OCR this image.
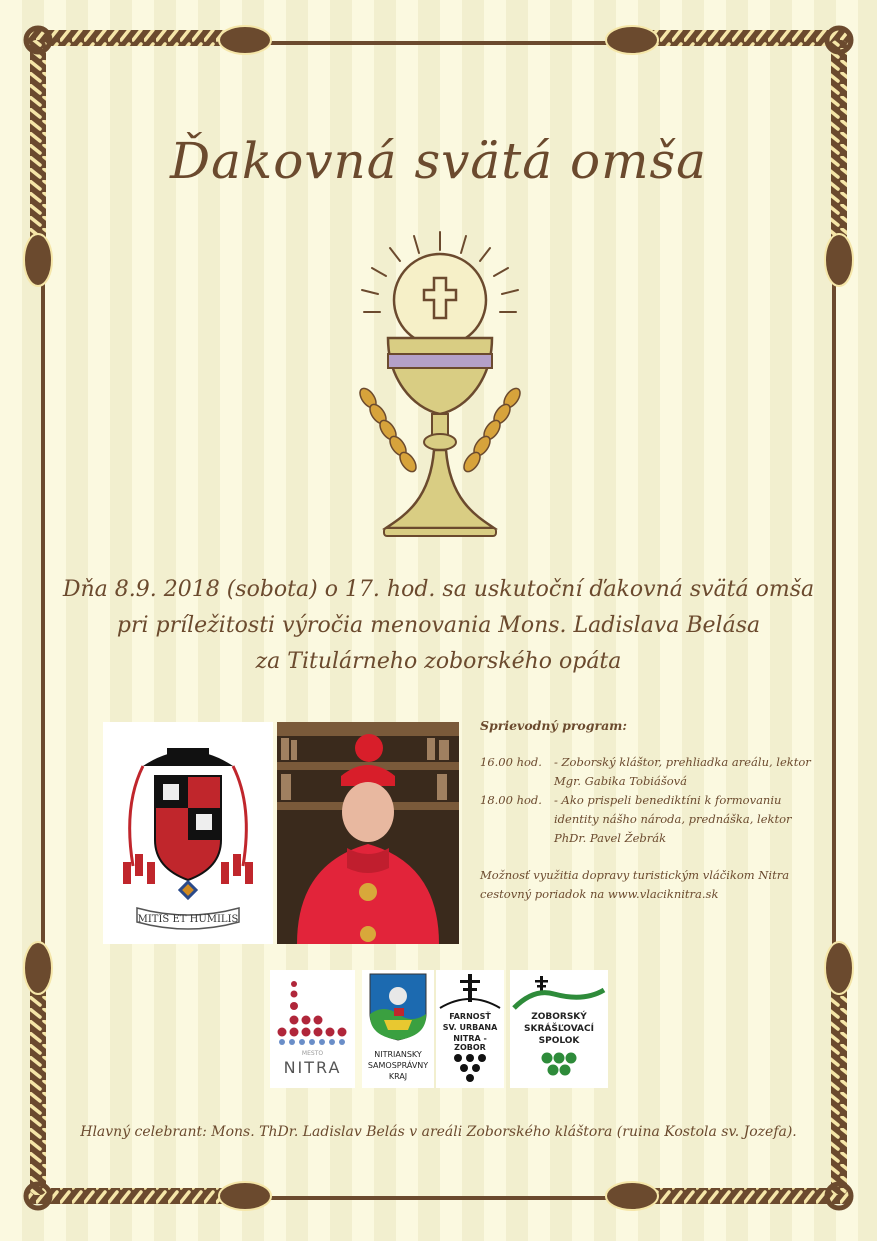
Ďakovná svätá omša
Dňa 8.9. 2018 (sobota) o 17. hod. sa uskutoční ďakovná svätá omša
pri príležitosti výročia menovania Mons. Ladislava Belása
za Titulárneho zoborského opáta
MITIS ET HUMILIS
Sprievodný program:
16.00 hod.	- Zoborský kláštor, prehliadka areálu, lektor Mgr. Gabika Tobiášová
18.00 hod.	- Ako prispeli benediktíni k formovaniu identity nášho národa, prednáška, lektor PhDr. Pavel Žebrák
Možnosť využitia dopravy turistickým vláčikom Nitra cestovný poriadok na www.vlaciknitra.sk
MESTO
NITRA
NITRIANSKY
SAMOSPRÁVNY
KRAJ
FARNOSŤ
SV. URBANA
NITRA - ZOBOR
ZOBORSKÝ
SKRÁŠĽOVACÍ
SPOLOK
Hlavný celebrant: Mons. ThDr. Ladislav Belás v areáli Zoborského kláštora (ruina Kostola sv. Jozefa).
